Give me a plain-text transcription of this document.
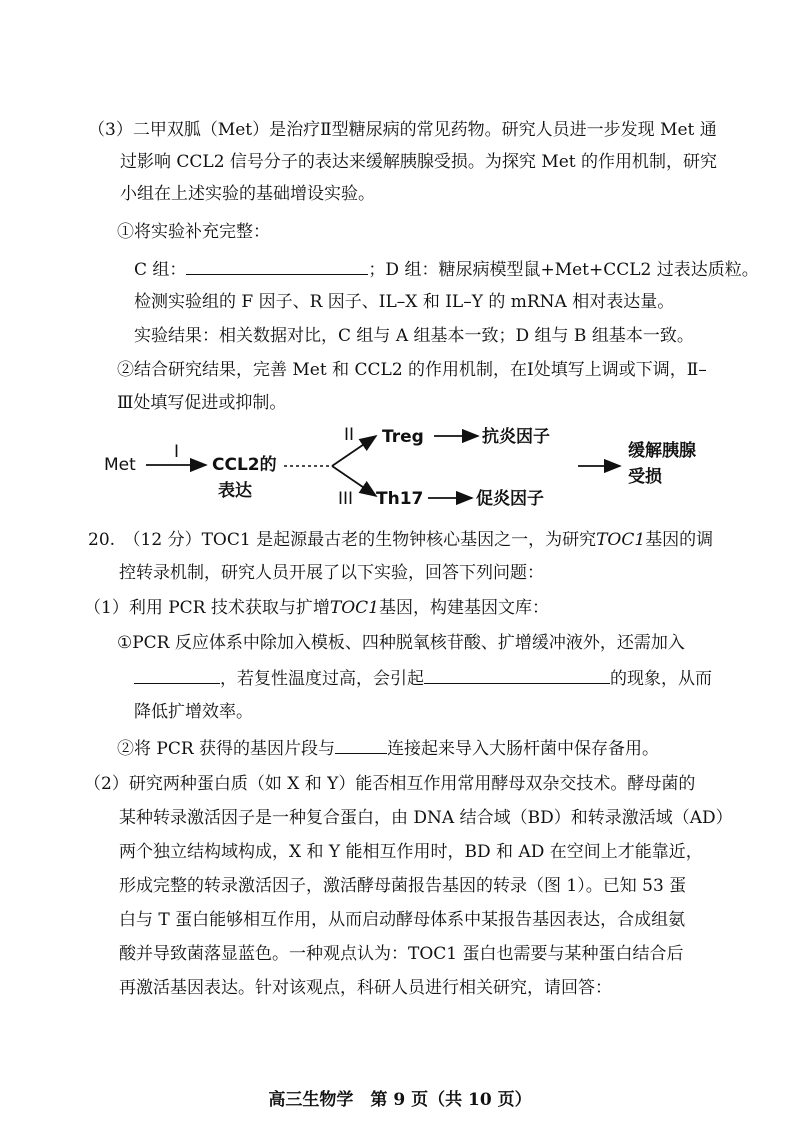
（3）二甲双胍（Met）是治疗Ⅱ型糖尿病的常见药物。研究人员进一步发现 Met 通
过影响 CCL2 信号分子的表达来缓解胰腺受损。为探究 Met 的作用机制，研究
小组在上述实验的基础增设实验。
①将实验补充完整：
C 组：	；D 组：糖尿病模型鼠+Met+CCL2 过表达质粒。
检测实验组的 F 因子、R 因子、IL–X 和 IL–Y 的 mRNA 相对表达量。
实验结果：相关数据对比，C 组与 A 组基本一致；D 组与 B 组基本一致。
②结合研究结果，完善 Met 和 CCL2 的作用机制，在Ⅰ处填写上调或下调，Ⅱ–
Ⅲ处填写促进或抑制。
Met
I
CCL2的
表达
II
III
Treg
Th17
抗炎因子
促炎因子
缓解胰腺
受损
20.　（12 分）TOC1 是起源最古老的生物钟核心基因之一，为研究TOC1基因的调
控转录机制，研究人员开展了以下实验，回答下列问题：
（1）利用 PCR 技术获取与扩增TOC1基因，构建基因文库：
①PCR 反应体系中除加入模板、四种脱氧核苷酸、扩增缓冲液外，还需加入
，若复性温度过高，会引起	的现象，从而
降低扩增效率。
②将 PCR 获得的基因片段与	连接起来导入大肠杆菌中保存备用。
（2）研究两种蛋白质（如 X 和 Y）能否相互作用常用酵母双杂交技术。酵母菌的
某种转录激活因子是一种复合蛋白，由 DNA 结合域（BD）和转录激活域（AD）
两个独立结构域构成，X 和 Y 能相互作用时，BD 和 AD 在空间上才能靠近，
形成完整的转录激活因子，激活酵母菌报告基因的转录（图 1）。已知 53 蛋
白与 T 蛋白能够相互作用，从而启动酵母体系中某报告基因表达，合成组氨
酸并导致菌落显蓝色。一种观点认为：TOC1 蛋白也需要与某种蛋白结合后
再激活基因表达。针对该观点，科研人员进行相关研究，请回答：
高三生物学　第 9 页（共 10 页）
